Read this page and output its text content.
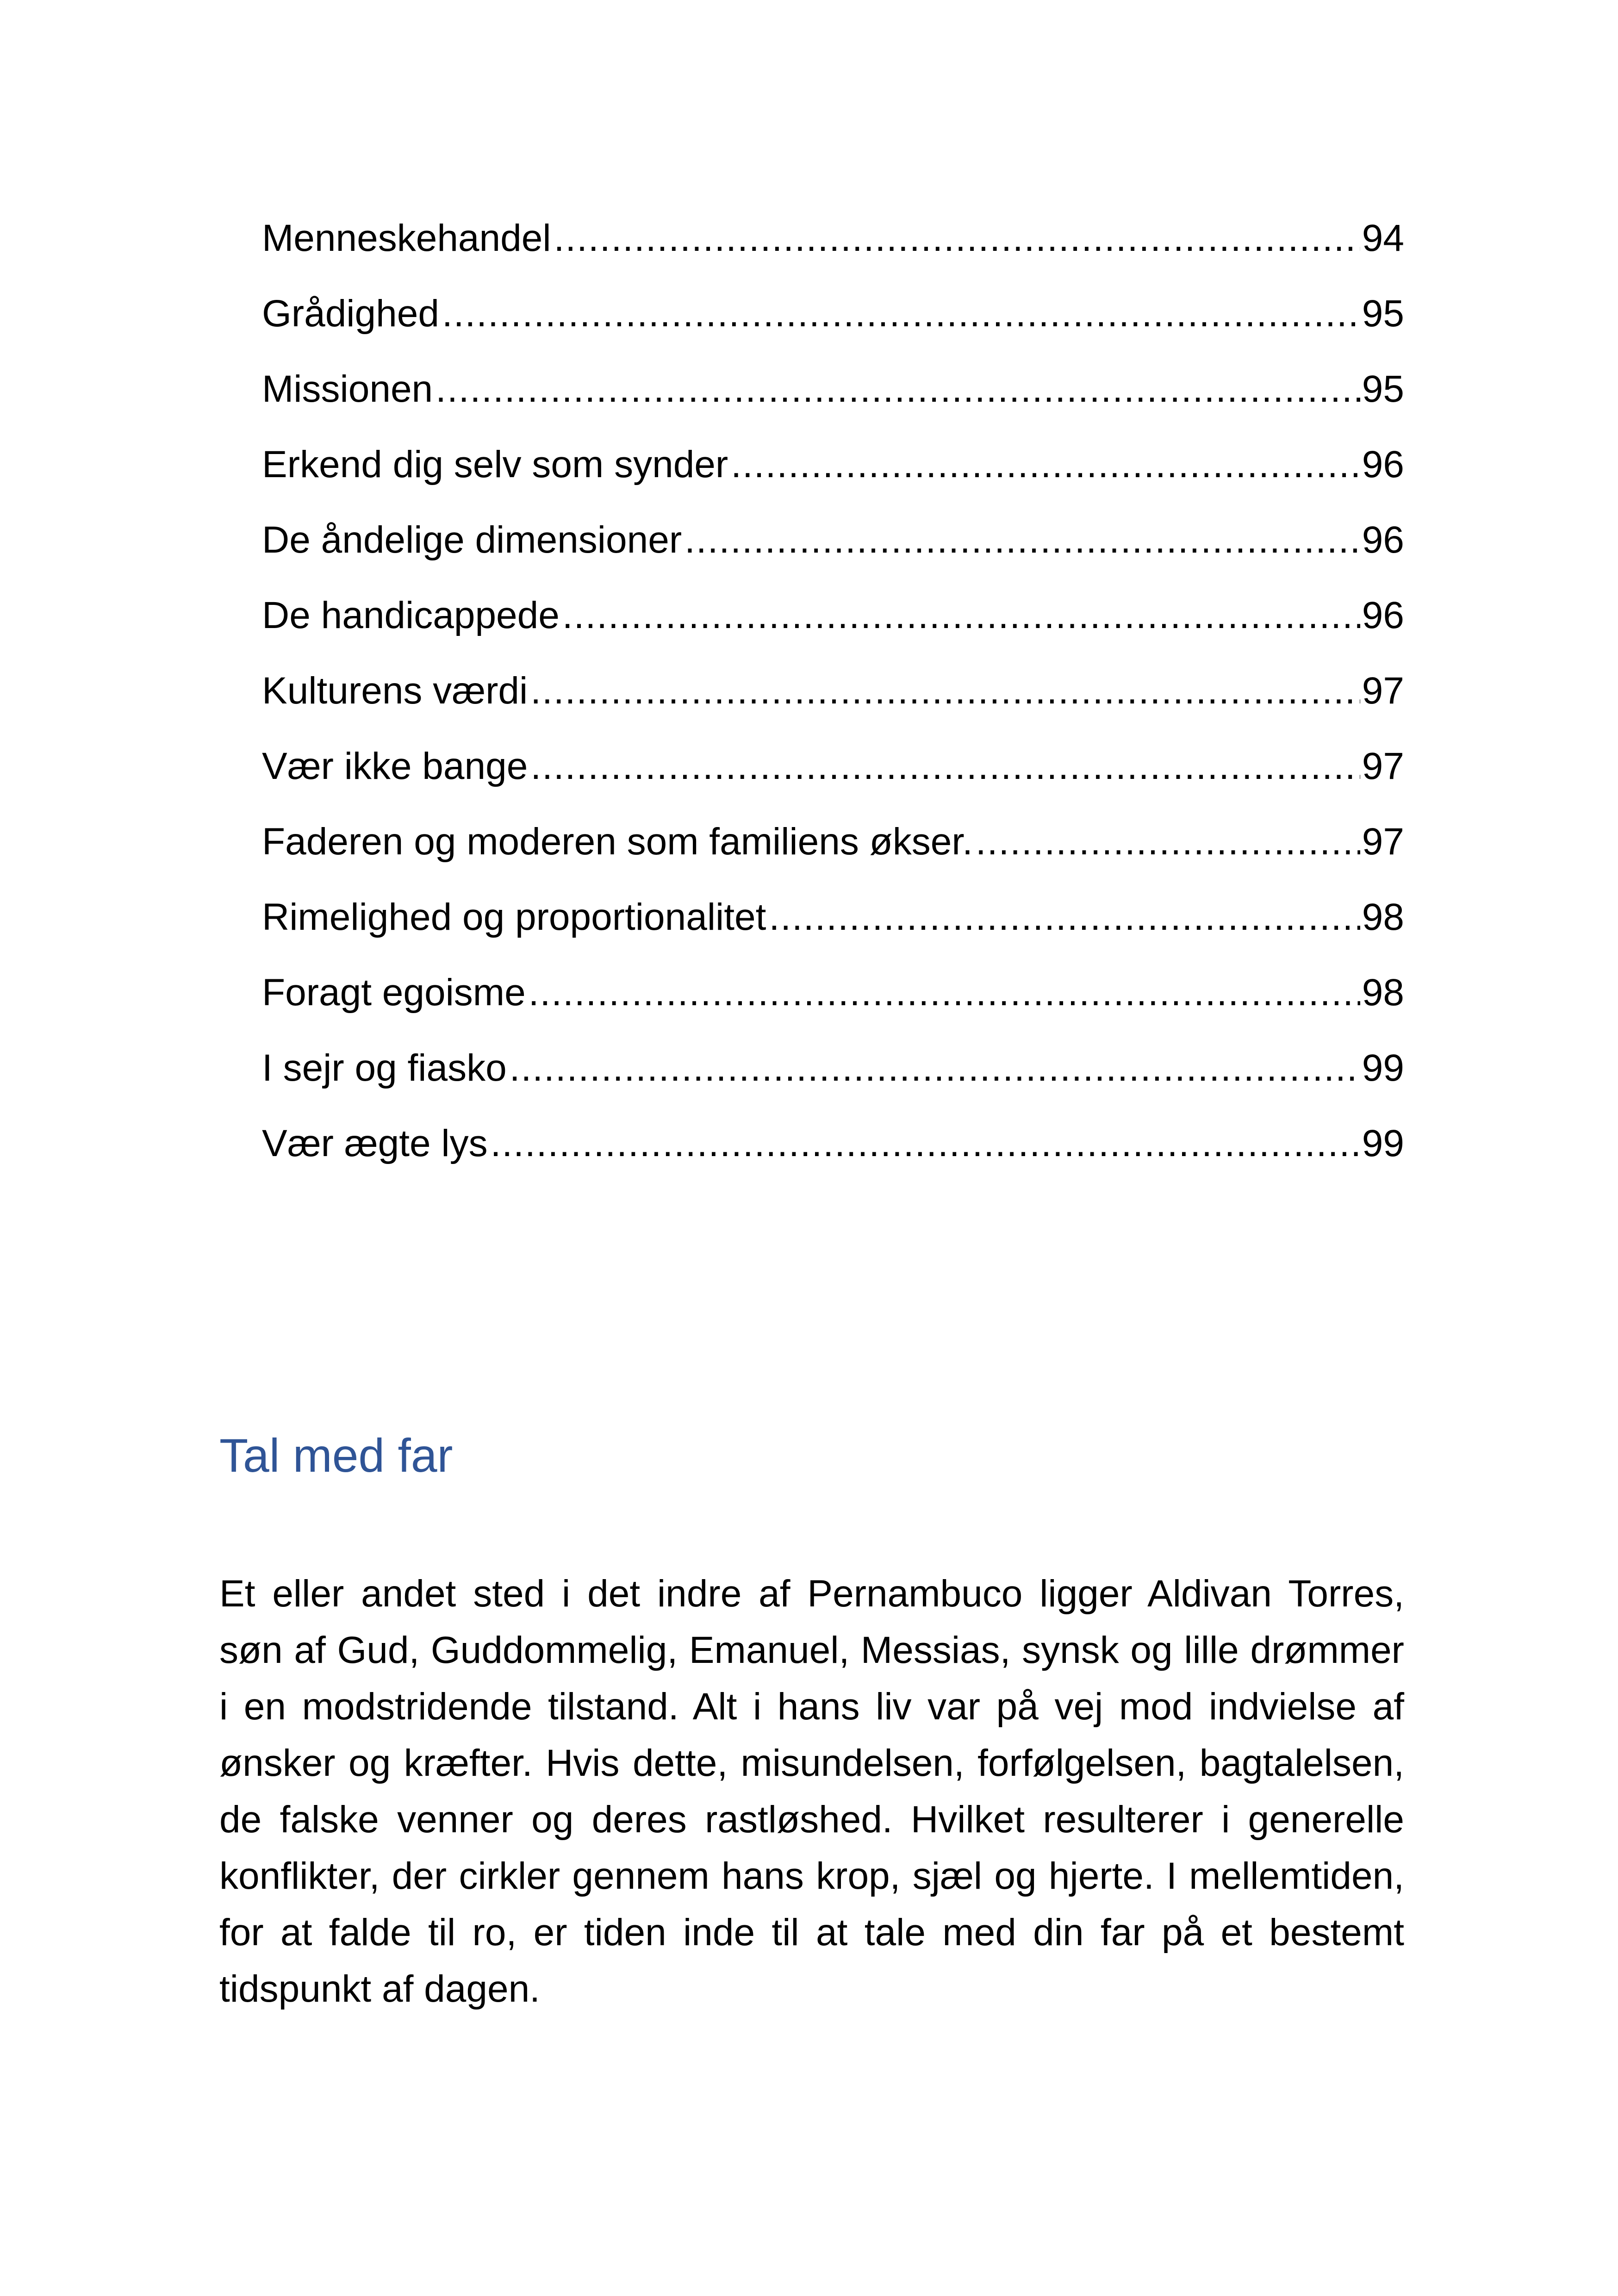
Menneskehandel .....	94
Grådighed .....	95
Missionen .....	95
Erkend dig selv som synder .....	96
De åndelige dimensioner .....	96
De handicappede .....	96
Kulturens værdi .....	97
Vær ikke bange .....	97
Faderen og moderen som familiens økser. .....	97
Rimelighed og proportionalitet .....	98
Foragt egoisme .....	98
I sejr og fiasko .....	99
Vær ægte lys .....	99
Tal med far

Et eller andet sted i det indre af Pernambuco ligger Aldivan Torres, søn af Gud, Guddommelig, Emanuel, Messias, synsk og lille drømmer i en modstridende tilstand. Alt i hans liv var på vej mod indvielse af ønsker og kræfter. Hvis dette, misundelsen, forfølgelsen, bagtalelsen, de falske venner og deres rastløshed. Hvilket resulterer i generelle konflikter, der cirkler gennem hans krop, sjæl og hjerte. I mellemtiden, for at falde til ro, er tiden inde til at tale med din far på et bestemt tidspunkt af dagen.
